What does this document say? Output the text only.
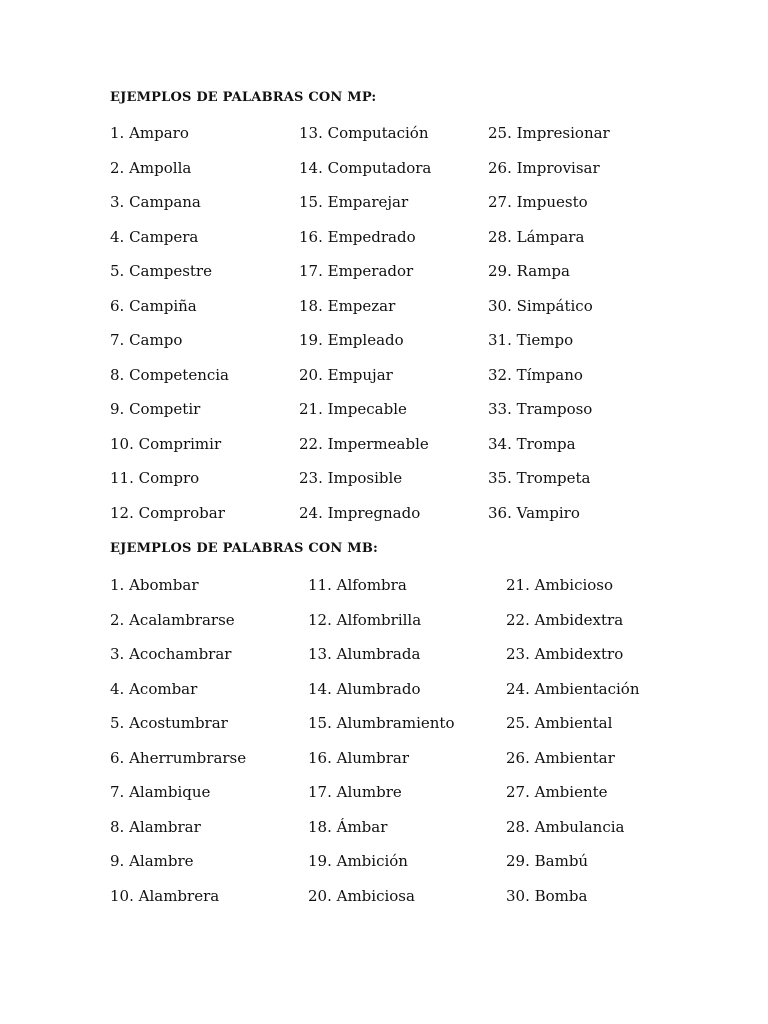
EJEMPLOS DE PALABRAS CON MP:
1. Amparo
2. Ampolla
3. Campana
4. Campera
5. Campestre
6. Campiña
7. Campo
8. Competencia
9. Competir
10. Comprimir
11. Compro
12. Comprobar
13. Computación
14. Computadora
15. Emparejar
16. Empedrado
17. Emperador
18. Empezar
19. Empleado
20. Empujar
21. Impecable
22. Impermeable
23. Imposible
24. Impregnado
25. Impresionar
26. Improvisar
27. Impuesto
28. Lámpara
29. Rampa
30. Simpático
31. Tiempo
32. Tímpano
33. Tramposo
34. Trompa
35. Trompeta
36. Vampiro
EJEMPLOS DE PALABRAS CON MB:
1. Abombar
2. Acalambrarse
3. Acochambrar
4. Acombar
5. Acostumbrar
6. Aherrumbrarse
7. Alambique
8. Alambrar
9. Alambre
10. Alambrera
11. Alfombra
12. Alfombrilla
13. Alumbrada
14. Alumbrado
15. Alumbramiento
16. Alumbrar
17. Alumbre
18. Ámbar
19. Ambición
20. Ambiciosa
21. Ambicioso
22. Ambidextra
23. Ambidextro
24. Ambientación
25. Ambiental
26. Ambientar
27. Ambiente
28. Ambulancia
29. Bambú
30. Bomba
